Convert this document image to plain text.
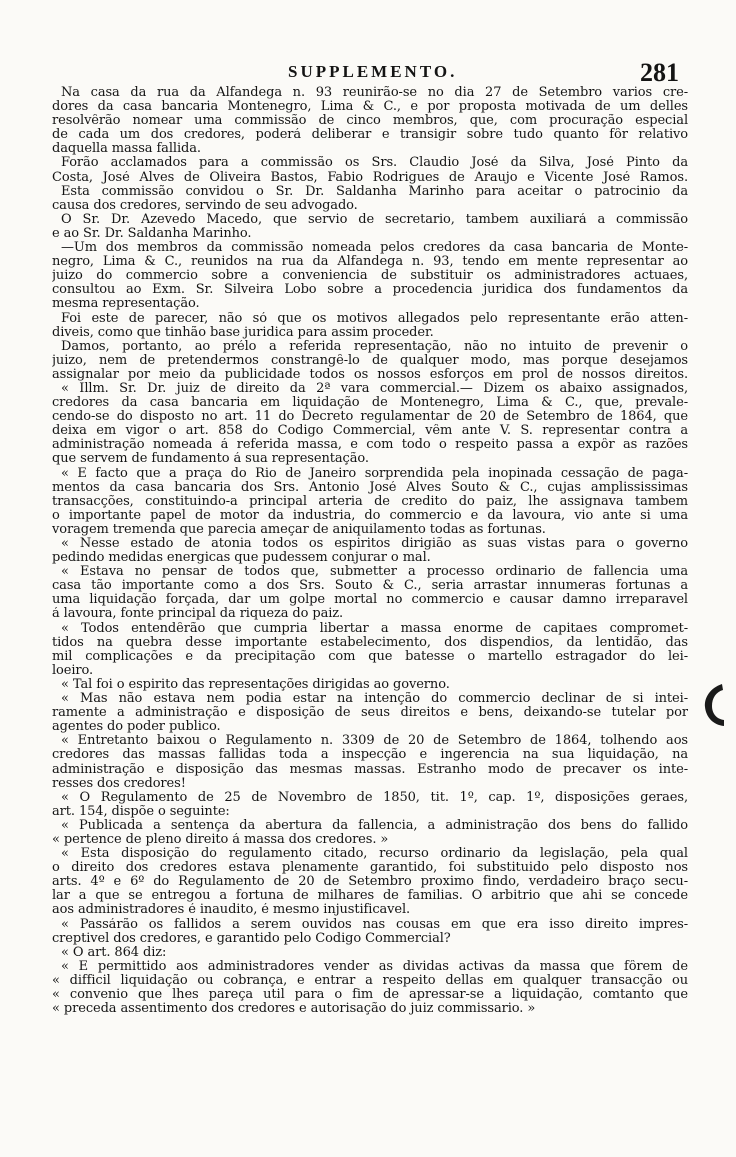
SUPPLEMENTO.	281
Na casa da rua da Alfandega n. 93 reunirão-se no dia 27 de Setembro varios cre-
dores da casa bancaria Montenegro, Lima & C., e por proposta motivada de um delles
resolvêrão nomear uma commissão de cinco membros, que, com procuração especial
de cada um dos credores, poderá deliberar e transigir sobre tudo quanto fôr relativo
daquella massa fallida.
Forão acclamados para a commissão os Srs. Claudio José da Silva, José Pinto da
Costa, José Alves de Oliveira Bastos, Fabio Rodrigues de Araujo e Vicente José Ramos.
Esta commissão convidou o Sr. Dr. Saldanha Marinho para aceitar o patrocinio da
causa dos credores, servindo de seu advogado.
O Sr. Dr. Azevedo Macedo, que servio de secretario, tambem auxiliará a commissão
e ao Sr. Dr. Saldanha Marinho.
—Um dos membros da commissão nomeada pelos credores da casa bancaria de Monte-
negro, Lima & C., reunidos na rua da Alfandega n. 93, tendo em mente representar ao
juizo do commercio sobre a conveniencia de substituir os administradores actuaes,
consultou ao Exm. Sr. Silveira Lobo sobre a procedencia juridica dos fundamentos da
mesma representação.
Foi este de parecer, não só que os motivos allegados pelo representante erão atten-
diveis, como que tinhão base juridica para assim proceder.
Damos, portanto, ao prélo a referida representação, não no intuito de prevenir o
juizo, nem de pretendermos constrangê-lo de qualquer modo, mas porque desejamos
assignalar por meio da publicidade todos os nossos esforços em prol de nossos direitos.
« Illm. Sr. Dr. juiz de direito da 2ª vara commercial.— Dizem os abaixo assignados,
credores da casa bancaria em liquidação de Montenegro, Lima & C., que, prevale-
cendo-se do disposto no art. 11 do Decreto regulamentar de 20 de Setembro de 1864, que
deixa em vigor o art. 858 do Codigo Commercial, vêm ante V. S. representar contra a
administração nomeada á referida massa, e com todo o respeito passa a expôr as razões
que servem de fundamento á sua representação.
« É facto que a praça do Rio de Janeiro sorprendida pela inopinada cessação de paga-
mentos da casa bancaria dos Srs. Antonio José Alves Souto & C., cujas amplississimas
transacções, constituindo-a principal arteria de credito do paiz, lhe assignava tambem
o importante papel de motor da industria, do commercio e da lavoura, vio ante si uma
voragem tremenda que parecia ameçar de aniquilamento todas as fortunas.
« Nesse estado de atonia todos os espiritos dirigião as suas vistas para o governo
pedindo medidas energicas que pudessem conjurar o mal.
« Estava no pensar de todos que, submetter a processo ordinario de fallencia uma
casa tão importante como a dos Srs. Souto & C., seria arrastar innumeras fortunas a
uma liquidação forçada, dar um golpe mortal no commercio e causar damno irreparavel
á lavoura, fonte principal da riqueza do paiz.
« Todos entendêrão que cumpria libertar a massa enorme de capitaes compromet-
tidos na quebra desse importante estabelecimento, dos dispendios, da lentidão, das
mil complicações e da precipitação com que batesse o martello estragador do lei-
loeiro.
« Tal foi o espirito das representações dirigidas ao governo.
« Mas não estava nem podia estar na intenção do commercio declinar de si intei-
ramente a administração e disposição de seus direitos e bens, deixando-se tutelar por
agentes do poder publico.
« Entretanto baixou o Regulamento n. 3309 de 20 de Setembro de 1864, tolhendo aos
credores das massas fallidas toda a inspecção e ingerencia na sua liquidação, na
administração e disposição das mesmas massas. Estranho modo de precaver os inte-
resses dos credores!
« O Regulamento de 25 de Novembro de 1850, tit. 1º, cap. 1º, disposições geraes,
art. 154, dispõe o seguinte:
« Publicada a sentença da abertura da fallencia, a administração dos bens do fallido
« pertence de pleno direito á massa dos credores. »
« Esta disposição do regulamento citado, recurso ordinario da legislação, pela qual
o direito dos credores estava plenamente garantido, foi substituido pelo disposto nos
arts. 4º e 6º do Regulamento de 20 de Setembro proximo findo, verdadeiro braço secu-
lar a que se entregou a fortuna de milhares de familias. O arbitrio que ahi se concede
aos administradores é inaudito, é mesmo injustificavel.
« Passárão os fallidos a serem ouvidos nas cousas em que era isso direito impres-
creptivel dos credores, e garantido pelo Codigo Commercial?
« O art. 864 diz:
« É permittido aos administradores vender as dividas activas da massa que fôrem de
« difficil liquidação ou cobrança, e entrar a respeito dellas em qualquer transacção ou
« convenio que lhes pareça util para o fim de apressar-se a liquidação, comtanto que
« preceda assentimento dos credores e autorisação do juiz commissario. »
